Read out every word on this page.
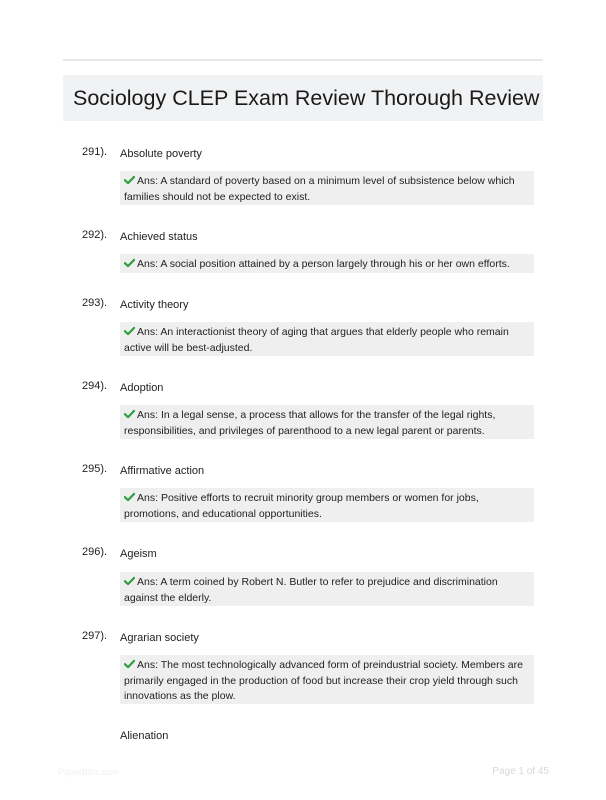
Sociology CLEP Exam Review Thorough Review
291). Absolute poverty
Ans: A standard of poverty based on a minimum level of subsistence below which families should not be expected to exist.
292). Achieved status
Ans: A social position attained by a person largely through his or her own efforts.
293). Activity theory
Ans: An interactionist theory of aging that argues that elderly people who remain active will be best-adjusted.
294). Adoption
Ans: In a legal sense, a process that allows for the transfer of the legal rights, responsibilities, and privileges of parenthood to a new legal parent or parents.
295). Affirmative action
Ans: Positive efforts to recruit minority group members or women for jobs, promotions, and educational opportunities.
296). Ageism
Ans: A term coined by Robert N. Butler to refer to prejudice and discrimination against the elderly.
297). Agrarian society
Ans: The most technologically advanced form of preindustrial society. Members are primarily engaged in the production of food but increase their crop yield through such innovations as the plow.
Alienation
PaperBlitz.com	Page 1 of 45
